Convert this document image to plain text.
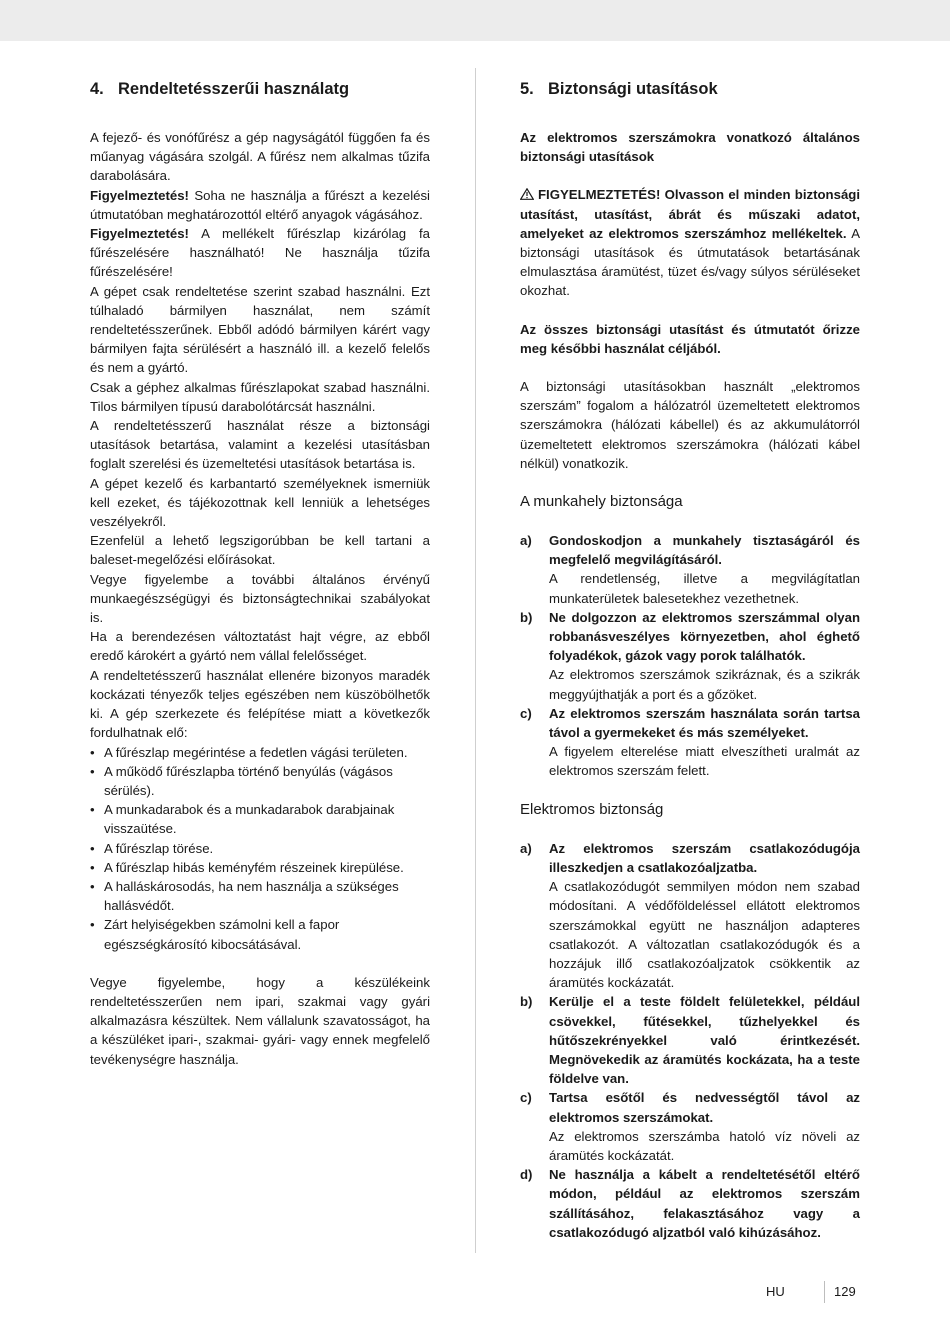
4. Rendeltetésszerűi használatg

A fejező- és vonófűrész a gép nagyságától függően fa és műanyag vágására szolgál. A fűrész nem alkalmas tűzifa darabolására.

Figyelmeztetés! Soha ne használja a fűrészt a kezelési útmutatóban meghatározottól eltérő anyagok vágásához.

Figyelmeztetés! A mellékelt fűrészlap kizárólag fa fűrészelésére használható! Ne használja tűzifa fűrészelésére!

A gépet csak rendeltetése szerint szabad használni. Ezt túlhaladó bármilyen használat, nem számít rendeltetésszerűnek. Ebből adódó bármilyen kárért vagy bármilyen fajta sérülésért a használó ill. a kezelő felelős és nem a gyártó.

Csak a géphez alkalmas fűrészlapokat szabad használni. Tilos bármilyen típusú darabolótárcsát használni.

A rendeltetésszerű használat része a biztonsági utasítások betartása, valamint a kezelési utasításban foglalt szerelési és üzemeltetési utasítások betartása is.

A gépet kezelő és karbantartó személyeknek ismerniük kell ezeket, és tájékozottnak kell lenniük a lehetséges veszélyekről.

Ezenfelül a lehető legszigorúbban be kell tartani a baleset-megelőzési előírásokat.

Vegye figyelembe a további általános érvényű munkaegészségügyi és biztonságtechnikai szabályokat is.

Ha a berendezésen változtatást hajt végre, az ebből eredő károkért a gyártó nem vállal felelősséget.

A rendeltetésszerű használat ellenére bizonyos maradék kockázati tényezők teljes egészében nem küszöbölhetők ki. A gép szerkezete és felépítése miatt a következők fordulhatnak elő:

• A fűrészlap megérintése a fedetlen vágási területen.
• A működő fűrészlapba történő benyúlás (vágásos sérülés).
• A munkadarabok és a munkadarabok darabjainak visszaütése.
• A fűrészlap törése.
• A fűrészlap hibás keményfém részeinek kirepülése.
• A halláskárosodás, ha nem használja a szükséges hallásvédőt.
• Zárt helyiségekben számolni kell a fapor egészségkárosító kibocsátásával.

Vegye figyelembe, hogy a készülékeink rendeltetésszerűen nem ipari, szakmai vagy gyári alkalmazásra készültek. Nem vállalunk szavatosságot, ha a készüléket ipari-, szakmai- gyári- vagy ennek megfelelő tevékenységre használja.

5. Biztonsági utasítások

Az elektromos szerszámokra vonatkozó általános biztonsági utasítások

FIGYELMEZTETÉS! Olvasson el minden biztonsági utasítást, utasítást, ábrát és műszaki adatot, amelyeket az elektromos szerszámhoz mellékeltek. A biztonsági utasítások és útmutatások betartásának elmulasztása áramütést, tüzet és/vagy súlyos sérüléseket okozhat.

Az összes biztonsági utasítást és útmutatót őrizze meg későbbi használat céljából.

A biztonsági utasításokban használt „elektromos szerszám” fogalom a hálózatról üzemeltetett elektromos szerszámokra (hálózati kábellel) és az akkumulátorról üzemeltetett elektromos szerszámokra (hálózati kábel nélkül) vonatkozik.

A munkahely biztonsága
a)	Gondoskodjon a munkahely tisztaságáról és megfelelő megvilágításáról.
A rendetlenség, illetve a megvilágítatlan munkaterületek balesetekhez vezethetnek.
b)	Ne dolgozzon az elektromos szerszámmal olyan robbanásveszélyes környezetben, ahol éghető folyadékok, gázok vagy porok találhatók.
Az elektromos szerszámok szikráznak, és a szikrák meggyújthatják a port és a gőzöket.
c)	Az elektromos szerszám használata során tartsa távol a gyermekeket és más személyeket.
A figyelem elterelése miatt elveszítheti uralmát az elektromos szerszám felett.
Elektromos biztonság
a)	Az elektromos szerszám csatlakozódugója illeszkedjen a csatlakozóaljzatba.
A csatlakozódugót semmilyen módon nem szabad módosítani. A védőföldeléssel ellátott elektromos szerszámokkal együtt ne használjon adapteres csatlakozót. A változatlan csatlakozódugók és a hozzájuk illő csatlakozóaljzatok csökkentik az áramütés kockázatát.
b)	Kerülje el a teste földelt felületekkel, például csövekkel, fűtésekkel, tűzhelyekkel és hűtőszekrényekkel való érintkezését. Megnövekedik az áramütés kockázata, ha a teste földelve van.
c)	Tartsa esőtől és nedvességtől távol az elektromos szerszámokat.
Az elektromos szerszámba hatoló víz növeli az áramütés kockázatát.
d)	Ne használja a kábelt a rendeltetésétől eltérő módon, például az elektromos szerszám szállításához, felakasztásához vagy a csatlakozódugó aljzatból való kihúzásához.
HU	129
